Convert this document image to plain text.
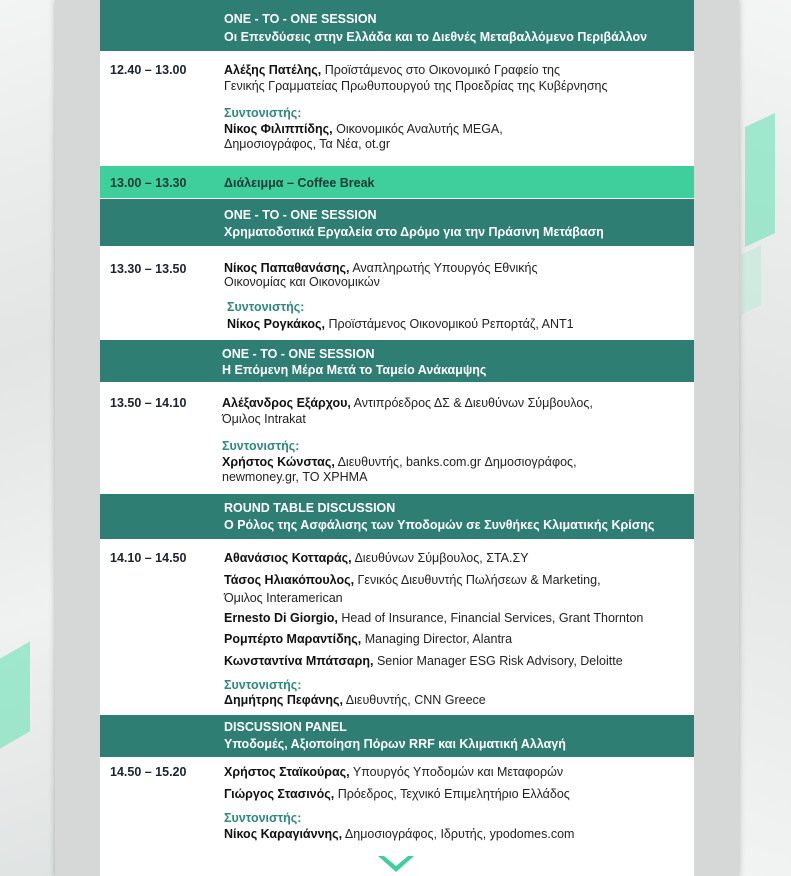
ONE - TO - ONE SESSION
Οι Επενδύσεις στην Ελλάδα και το Διεθνές Μεταβαλλόμενο Περιβάλλον
12.40 – 13.00	Αλέξης Πατέλης, Προϊστάμενος στο Οικονομικό Γραφείο της
Γενικής Γραμματείας Πρωθυπουργού της Προεδρίας της Κυβέρνησης
Συντονιστής:
Νίκος Φιλιππίδης, Οικονομικός Αναλυτής MEGA,
Δημοσιογράφος, Τα Νέα, ot.gr
13.00 – 13.30	Διάλειμμα – Coffee Break
ONE - TO - ONE SESSION
Χρηματοδοτικά Εργαλεία στο Δρόμο για την Πράσινη Μετάβαση
13.30 – 13.50	Νίκος Παπαθανάσης, Αναπληρωτής Υπουργός Εθνικής
Οικονομίας και Οικονομικών
Συντονιστής:
Νίκος Ρογκάκος, Προϊστάμενος Οικονομικού Ρεπορτάζ, ΑΝΤ1
ONE - TO - ONE SESSION
Η Επόμενη Μέρα Μετά το Ταμείο Ανάκαμψης
13.50 – 14.10	Αλέξανδρος Εξάρχου, Αντιπρόεδρος ΔΣ & Διευθύνων Σύμβουλος,
Όμιλος Intrakat
Συντονιστής:
Χρήστος Κώνστας, Διευθυντής, banks.com.gr Δημοσιογράφος,
newmoney.gr, ΤΟ ΧΡΗΜΑ
ROUND TABLE DISCUSSION
Ο Ρόλος της Ασφάλισης των Υποδομών σε Συνθήκες Κλιματικής Κρίσης
14.10 – 14.50	Αθανάσιος Κοτταράς, Διευθύνων Σύμβουλος, ΣΤΑ.ΣΥ
Τάσος Ηλιακόπουλος, Γενικός Διευθυντής Πωλήσεων & Marketing,
Όμιλος Interamerican
Ernesto Di Giorgio, Head of Insurance, Financial Services, Grant Thornton
Ρομπέρτο Μαραντίδης, Managing Director, Alantra
Κωνσταντίνα Μπάτσαρη, Senior Manager ESG Risk Advisory, Deloitte
Συντονιστής:
Δημήτρης Πεφάνης, Διευθυντής, CNN Greece
DISCUSSION PANEL
Υποδομές, Αξιοποίηση Πόρων RRF και Κλιματική Αλλαγή
14.50 – 15.20	Χρήστος Σταϊκούρας, Υπουργός Υποδομών και Μεταφορών
Γιώργος Στασινός, Πρόεδρος, Τεχνικό Επιμελητήριο Ελλάδος
Συντονιστής:
Νίκος Καραγιάννης, Δημοσιογράφος, Ιδρυτής, ypodomes.com
